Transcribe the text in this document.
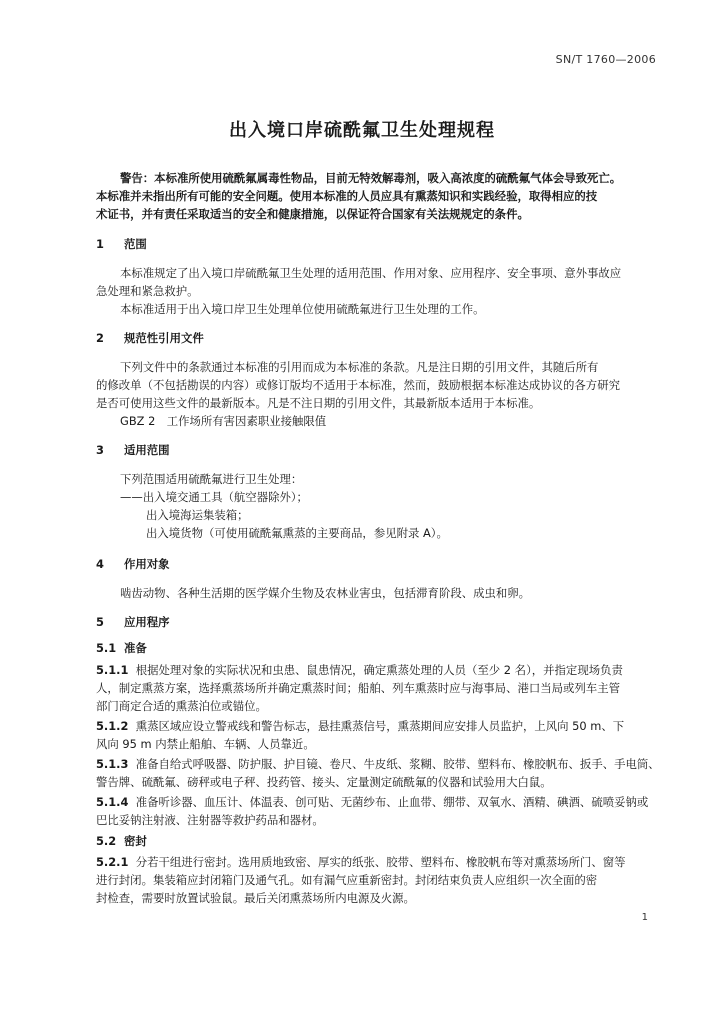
SN/T 1760—2006
出入境口岸硫酰氟卫生处理规程
警告：本标准所使用硫酰氟属毒性物品，目前无特效解毒剂，吸入高浓度的硫酰氟气体会导致死亡。
本标准并未指出所有可能的安全问题。使用本标准的人员应具有熏蒸知识和实践经验，取得相应的技
术证书，并有责任采取适当的安全和健康措施，以保证符合国家有关法规规定的条件。
1 范围
本标准规定了出入境口岸硫酰氟卫生处理的适用范围、作用对象、应用程序、安全事项、意外事故应
急处理和紧急救护。
本标准适用于出入境口岸卫生处理单位使用硫酰氟进行卫生处理的工作。
2 规范性引用文件
下列文件中的条款通过本标准的引用而成为本标准的条款。凡是注日期的引用文件，其随后所有
的修改单（不包括勘误的内容）或修订版均不适用于本标准，然而，鼓励根据本标准达成协议的各方研究
是否可使用这些文件的最新版本。凡是不注日期的引用文件，其最新版本适用于本标准。
GBZ 2　工作场所有害因素职业接触限值
3 适用范围
下列范围适用硫酰氟进行卫生处理：
——出入境交通工具（航空器除外）；
出入境海运集装箱；
出入境货物（可使用硫酰氟熏蒸的主要商品，参见附录 A）。
4 作用对象
啮齿动物、各种生活期的医学媒介生物及农林业害虫，包括滞育阶段、成虫和卵。
5 应用程序
5.1 准备
5.1.1 根据处理对象的实际状况和虫患、鼠患情况，确定熏蒸处理的人员（至少 2 名），并指定现场负责
人，制定熏蒸方案，选择熏蒸场所并确定熏蒸时间；船舶、列车熏蒸时应与海事局、港口当局或列车主管
部门商定合适的熏蒸泊位或锚位。
5.1.2 熏蒸区域应设立警戒线和警告标志，悬挂熏蒸信号，熏蒸期间应安排人员监护，上风向 50 m、下
风向 95 m 内禁止船舶、车辆、人员靠近。
5.1.3 准备自给式呼吸器、防护服、护目镜、卷尺、牛皮纸、浆糊、胶带、塑料布、橡胶帆布、扳手、手电筒、
警告牌、硫酰氟、磅秤或电子秤、投药管、接头、定量测定硫酰氟的仪器和试验用大白鼠。
5.1.4 准备听诊器、血压计、体温表、创可贴、无菌纱布、止血带、绷带、双氧水、酒精、碘酒、硫喷妥钠或
巴比妥钠注射液、注射器等救护药品和器材。
5.2 密封
5.2.1 分若干组进行密封。选用质地致密、厚实的纸张、胶带、塑料布、橡胶帆布等对熏蒸场所门、窗等
进行封闭。集装箱应封闭箱门及通气孔。如有漏气应重新密封。封闭结束负责人应组织一次全面的密
封检查，需要时放置试验鼠。最后关闭熏蒸场所内电源及火源。
1
